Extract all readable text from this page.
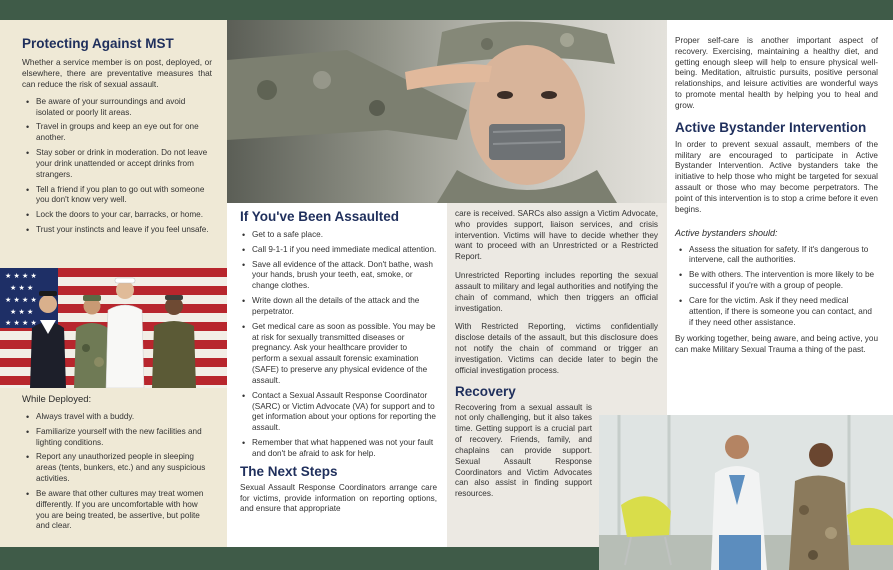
Protecting Against MST

Whether a service member is on post, deployed, or elsewhere, there are preventative measures that can reduce the risk of sexual assault.

• Be aware of your surroundings and avoid isolated or poorly lit areas.
• Travel in groups and keep an eye out for one another.
• Stay sober or drink in moderation. Do not leave your drink unattended or accept drinks from strangers.
• Tell a friend if you plan to go out with someone you don't know very well.
• Lock the doors to your car, barracks, or home.
• Trust your instincts and leave if you feel unsafe.
While Deployed:
• Always travel with a buddy.
• Familiarize yourself with the new facilities and lighting conditions.
• Report any unauthorized people in sleeping areas (tents, bunkers, etc.) and any suspicious activities.
• Be aware that other cultures may treat women differently. If you are uncomfortable with how you are being treated, be assertive, but polite and clear.
★ ★ ★ ★
★ ★ ★
★ ★ ★ ★
★ ★ ★
★ ★ ★ ★
If You've Been Assaulted
• Get to a safe place.
• Call 9-1-1 if you need immediate medical attention.
• Save all evidence of the attack. Don't bathe, wash your hands, brush your teeth, eat, smoke, or change clothes.
• Write down all the details of the attack and the perpetrator.
• Get medical care as soon as possible. You may be at risk for sexually transmitted diseases or pregnancy. Ask your healthcare provider to perform a sexual assault forensic examination (SAFE) to preserve any physical evidence of the assault.
• Contact a Sexual Assault Response Coordinator (SARC) or Victim Advocate (VA) for support and to get information about your options for reporting the assault.
• Remember that what happened was not your fault and don't be afraid to ask for help.
The Next Steps

Sexual Assault Response Coordinators arrange care for victims, provide information on reporting options, and ensure that appropriate

care is received. SARCs also assign a Victim Advocate, who provides support, liaison services, and crisis intervention. Victims will have to decide whether they want to proceed with an Unrestricted or a Restricted Report.

Unrestricted Reporting includes reporting the sexual assault to military and legal authorities and notifying the chain of command, which then triggers an official investigation.

With Restricted Reporting, victims confidentially disclose details of the assault, but this disclosure does not notify the chain of command or trigger an investigation. Victims can decide later to begin the official investigation process.

Recovery

Recovering from a sexual assault is not only challenging, but it also takes time. Getting support is a crucial part of recovery. Friends, family, and chaplains can provide support. Sexual Assault Response Coordinators and Victim Advocates can also assist in finding support resources.

Proper self-care is another important aspect of recovery. Exercising, maintaining a healthy diet, and getting enough sleep will help to ensure physical well-being. Meditation, altruistic pursuits, positive personal relationships, and leisure activities are wonderful ways to promote mental health by helping you to heal and grow.

Active Bystander Intervention

In order to prevent sexual assault, members of the military are encouraged to participate in Active Bystander Intervention. Active bystanders take the initiative to help those who might be targeted for sexual assault or those who may become perpetrators. The point of this intervention is to stop a crime before it even begins.

Active bystanders should:
• Assess the situation for safety. If it's dangerous to intervene, call the authorities.
• Be with others. The intervention is more likely to be successful if you're with a group of people.
• Care for the victim. Ask if they need medical attention, if there is someone you can contact, and if they need other assistance.

By working together, being aware, and being active, you can make Military Sexual Trauma a thing of the past.
